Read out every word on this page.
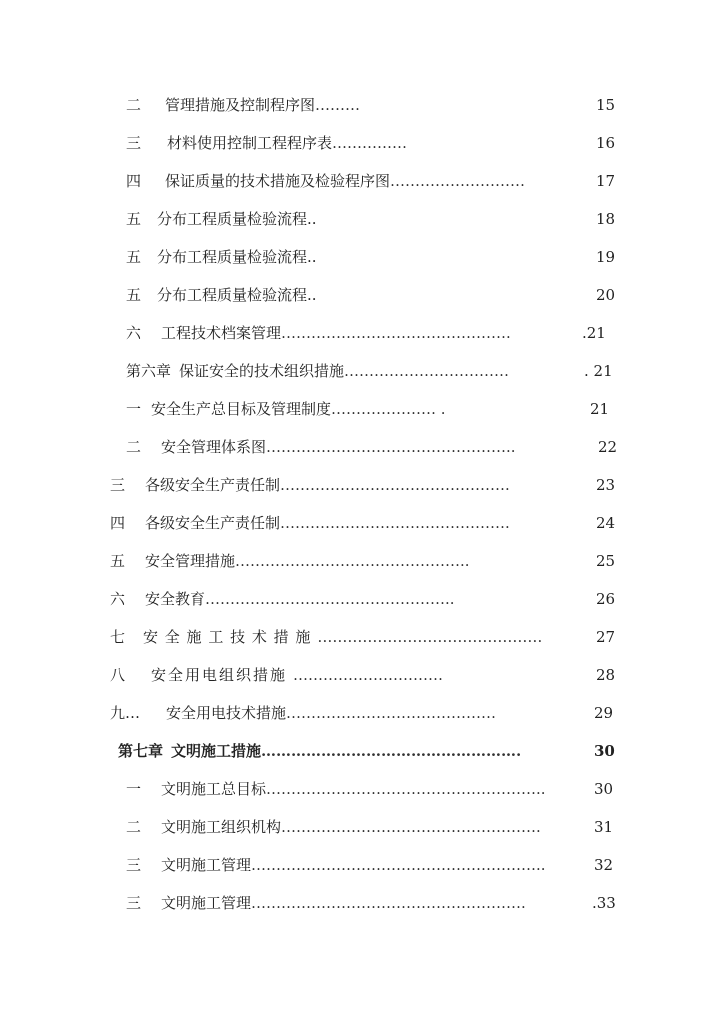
二 管理措施及控制程序图………	15
三 材料使用控制工程程序表……………	16
四 保证质量的技术措施及检验程序图………………………	17
五 分布工程质量检验流程..	18
五 分布工程质量检验流程..	19
五 分布工程质量检验流程..	20
六 工程技术档案管理……………………………………….	.21
第六章 保证安全的技术组织措施……………………………	. 21
一 安全生产总目标及管理制度………………… .	21
二 安全管理体系图…………………………………………..	22
三 各级安全生产责任制……………………………………….	23
四 各级安全生产责任制……………………………………….	24
五 安全管理措施………………………………………..	25
六 安全教育…………………………………………..	26
七 安 全 施 工 技 术 措 施 ………………………………………	27
八 安全用电组织措施 …………………………	28
九… 安全用电技术措施……………………………………	29
第七章 文明施工措施…………………………………………….	30
一 文明施工总目标………………………………………………..	30
二 文明施工组织机构…………………………………………….	31
三 文明施工管理…………………………………………………..	32
三 文明施工管理……………………………………………….	.33
